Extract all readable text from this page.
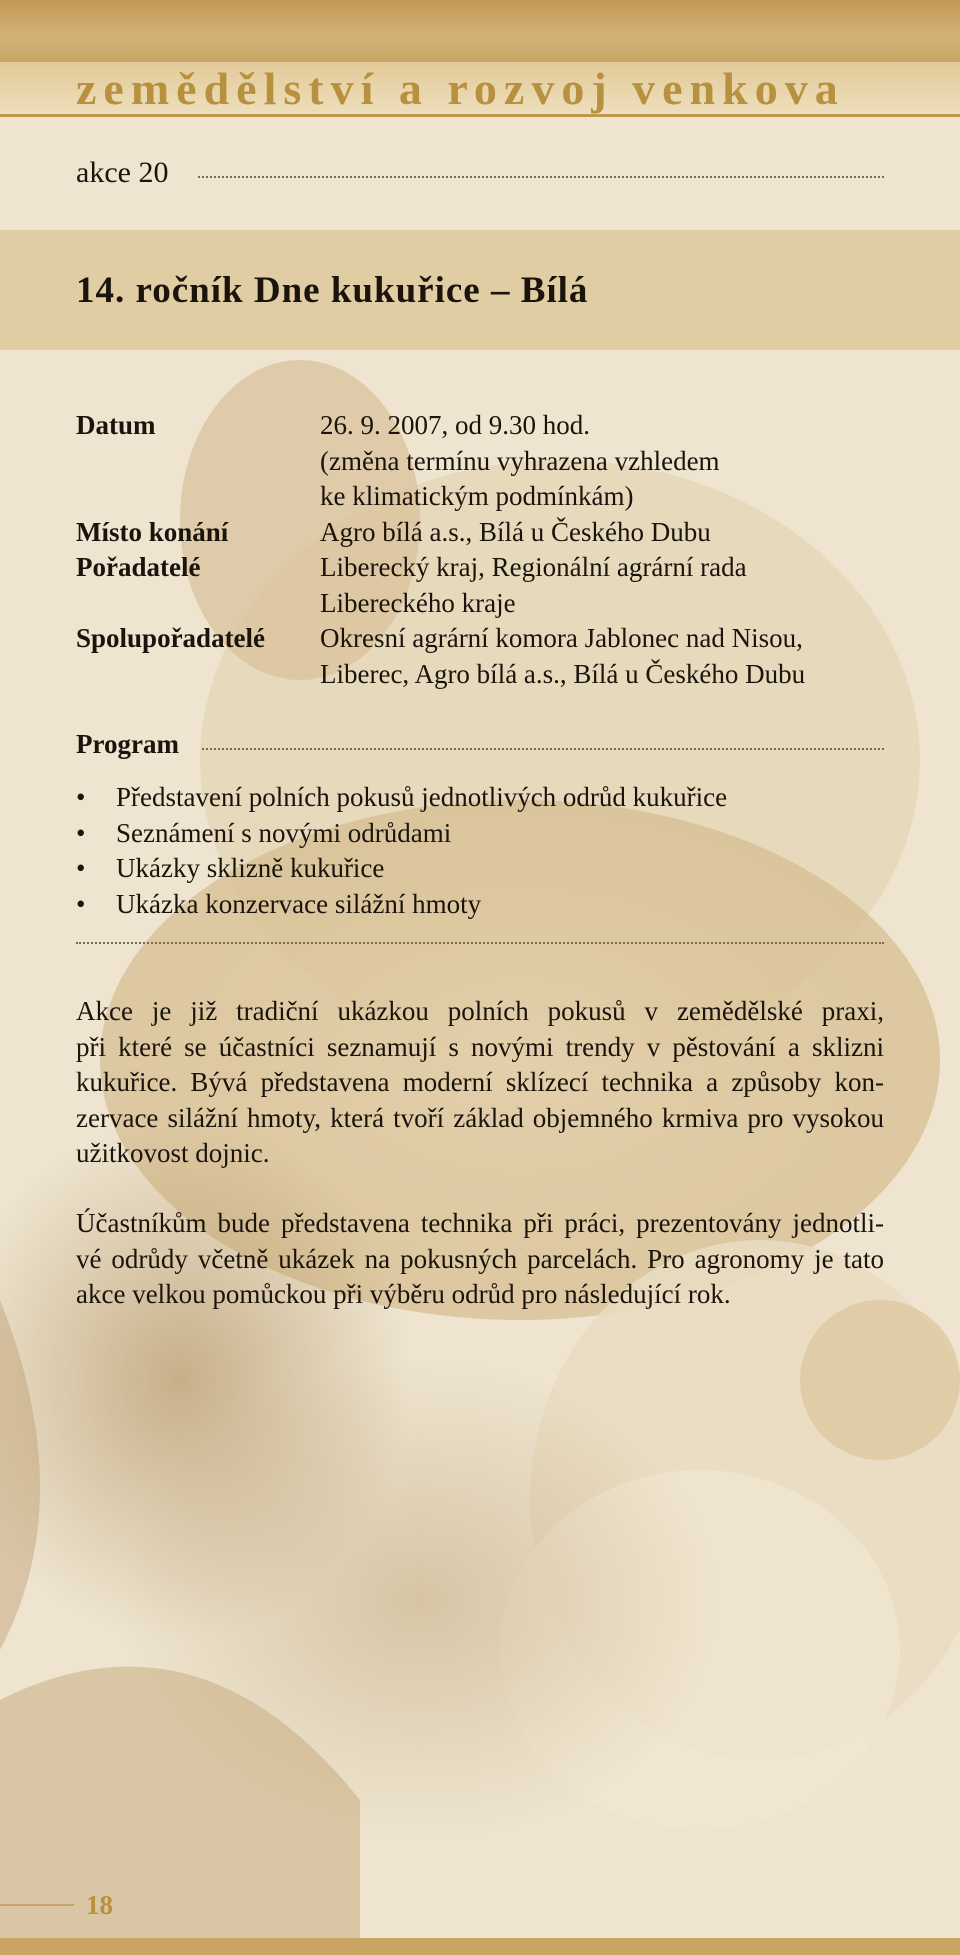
zemědělství a rozvoj venkova
akce 20
14. ročník Dne kukuřice – Bílá
Datum	26. 9. 2007, od 9.30 hod.
(změna termínu vyhrazena vzhledem
ke klimatickým podmínkám)
Místo konání	Agro bílá a.s., Bílá u Českého Dubu
Pořadatelé	Liberecký kraj, Regionální agrární rada
Libereckého kraje
Spolupořadatelé	Okresní agrární komora Jablonec nad Nisou,
Liberec, Agro bílá a.s., Bílá u Českého Dubu
Program
•	Představení polních pokusů jednotlivých odrůd kukuřice
•	Seznámení s novými odrůdami
•	Ukázky sklizně kukuřice
•	Ukázka konzervace silážní hmoty
Akce je již tradiční ukázkou polních pokusů v zemědělské praxi,
při které se účastníci seznamují s novými trendy v pěstování a sklizni
kukuřice. Bývá představena moderní sklízecí technika a způsoby kon-
zervace silážní hmoty, která tvoří základ objemného krmiva pro vysokou
užitkovost dojnic.
Účastníkům bude představena technika při práci, prezentovány jednotli-
vé odrůdy včetně ukázek na pokusných parcelách. Pro agronomy je tato
akce velkou pomůckou při výběru odrůd pro následující rok.
18
